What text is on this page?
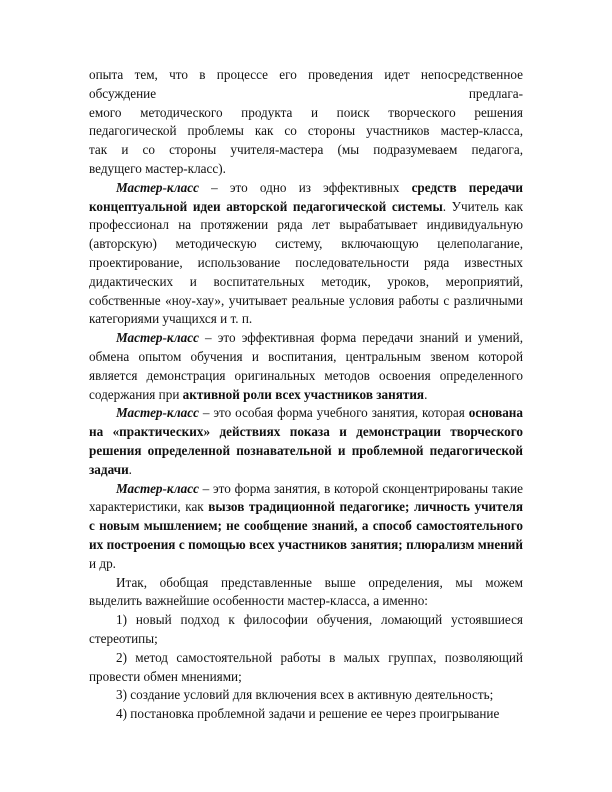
опыта тем, что в процессе его проведения идет непосредственное
обсуждение	предлага-
емого методического продукта и поиск творческого решения
педагогической проблемы как со стороны участников мастер-класса,
так и со стороны учителя-мастера (мы подразумеваем педагога,
ведущего мастер-класс).

Мастер-класс – это одно из эффективных средств передачи концептуальной идеи авторской педагогической системы. Учитель как профессионал на протяжении ряда лет вырабатывает индивидуальную (авторскую) методическую систему, включающую целеполагание, проектирование, использование последовательности ряда известных дидактических и воспитательных методик, уроков, мероприятий, собственные «ноу-хау», учитывает реальные условия работы с различными категориями учащихся и т. п.

Мастер-класс – это эффективная форма передачи знаний и умений, обмена опытом обучения и воспитания, центральным звеном которой является демонстрация оригинальных методов освоения определенного содержания при активной роли всех участников занятия.

Мастер-класс – это особая форма учебного занятия, которая основана на «практических» действиях показа и демонстрации творческого решения определенной познавательной и проблемной педагогической задачи.

Мастер-класс – это форма занятия, в которой сконцентрированы такие характеристики, как вызов традиционной педагогике; личность учителя с новым мышлением; не сообщение знаний, а способ самостоятельного их построения с помощью всех участников занятия; плюрализм мнений и др.

Итак, обобщая представленные выше определения, мы можем выделить важнейшие особенности мастер-класса, а именно:

1) новый подход к философии обучения, ломающий устоявшиеся стереотипы;

2) метод самостоятельной работы в малых группах, позволяющий провести обмен мнениями;

3) создание условий для включения всех в активную деятельность;

4) постановка проблемной задачи и решение ее через проигрывание
